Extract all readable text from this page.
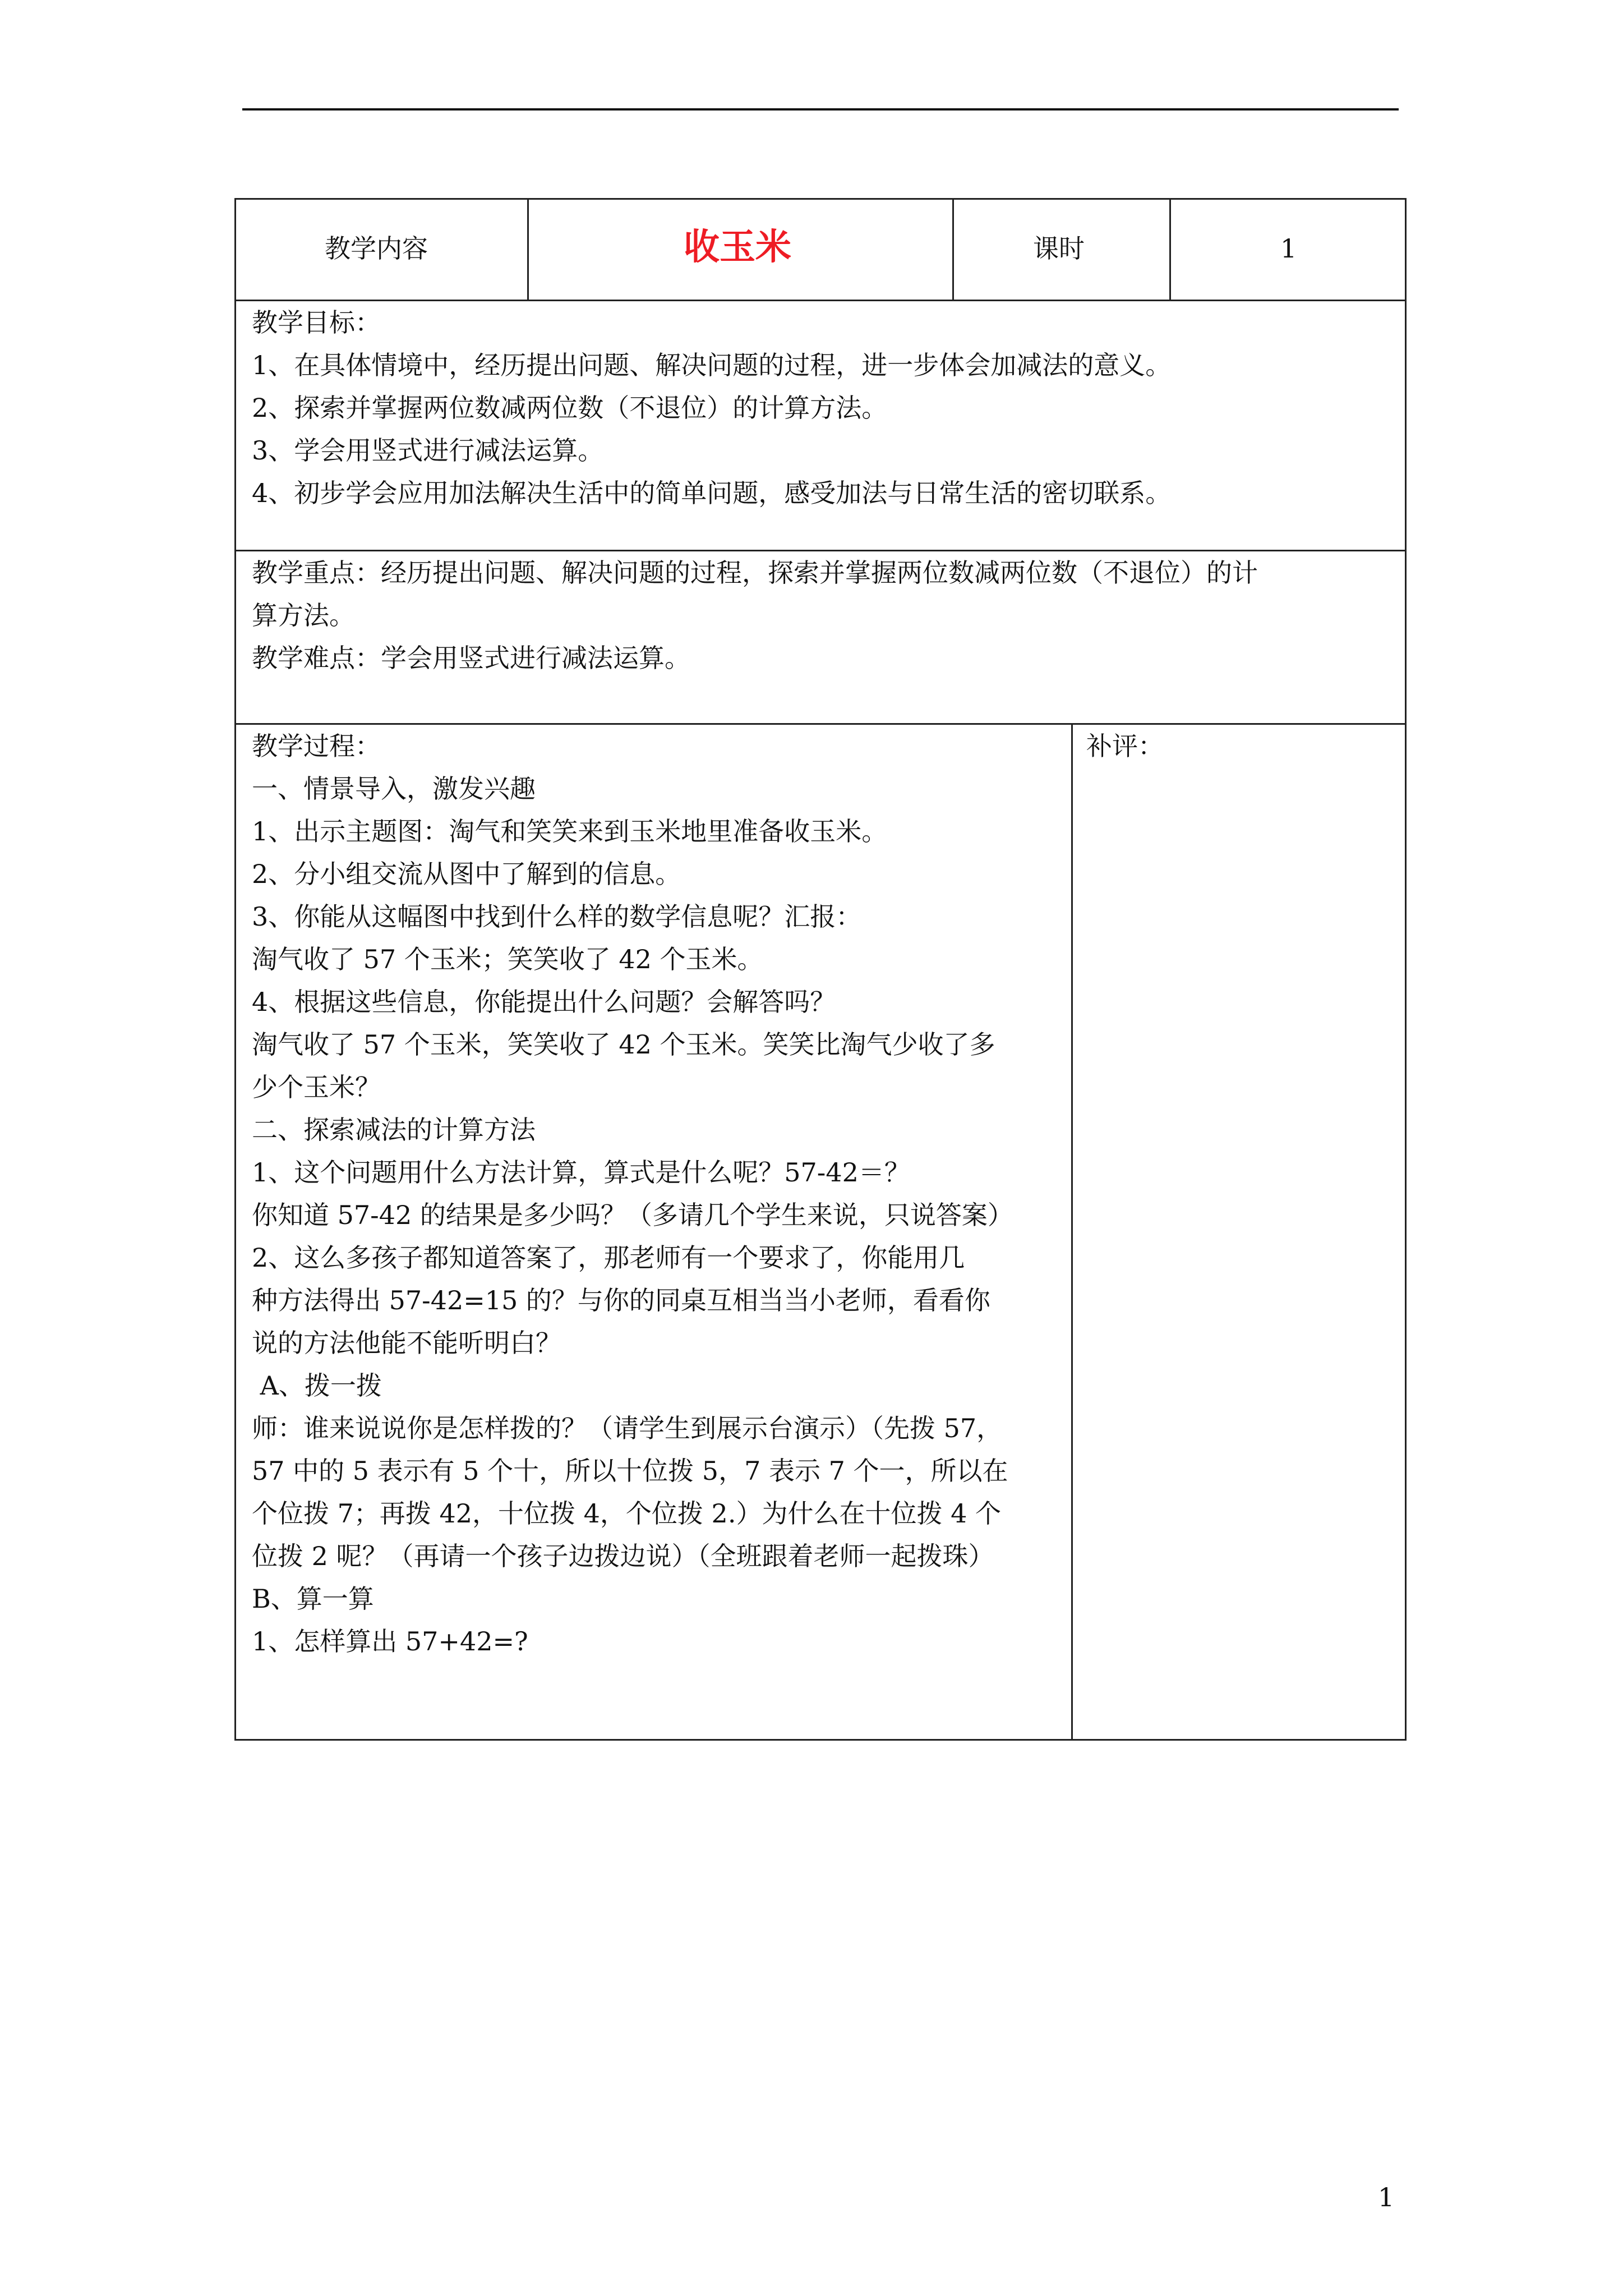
教学内容	收玉米	课时	1
教学目标：
1、在具体情境中，经历提出问题、解决问题的过程，进一步体会加减法的意义。
2、探索并掌握两位数减两位数（不退位）的计算方法。
3、学会用竖式进行减法运算。
4、初步学会应用加法解决生活中的简单问题，感受加法与日常生活的密切联系。
教学重点：经历提出问题、解决问题的过程，探索并掌握两位数减两位数（不退位）的计
算方法。
教学难点：学会用竖式进行减法运算。
教学过程：
一、情景导入，激发兴趣
1、出示主题图：淘气和笑笑来到玉米地里准备收玉米。
2、分小组交流从图中了解到的信息。
3、你能从这幅图中找到什么样的数学信息呢？汇报：
淘气收了 57 个玉米；笑笑收了 42 个玉米。
4、根据这些信息，你能提出什么问题？会解答吗？
淘气收了 57 个玉米，笑笑收了 42 个玉米。笑笑比淘气少收了多
少个玉米？
二、探索减法的计算方法
1、这个问题用什么方法计算，算式是什么呢？57-42＝？
你知道 57-42 的结果是多少吗？（多请几个学生来说，只说答案）
2、这么多孩子都知道答案了，那老师有一个要求了，你能用几
种方法得出 57-42=15 的？与你的同桌互相当当小老师，看看你
说的方法他能不能听明白？
A、拨一拨
师：谁来说说你是怎样拨的？（请学生到展示台演示）（先拨 57，
57 中的 5 表示有 5 个十，所以十位拨 5，7 表示 7 个一，所以在
个位拨 7；再拨 42，十位拨 4，个位拨 2.）为什么在十位拨 4 个
位拨 2 呢？（再请一个孩子边拨边说）（全班跟着老师一起拨珠）
B、算一算
1、怎样算出 57+42=?
补评：
1
